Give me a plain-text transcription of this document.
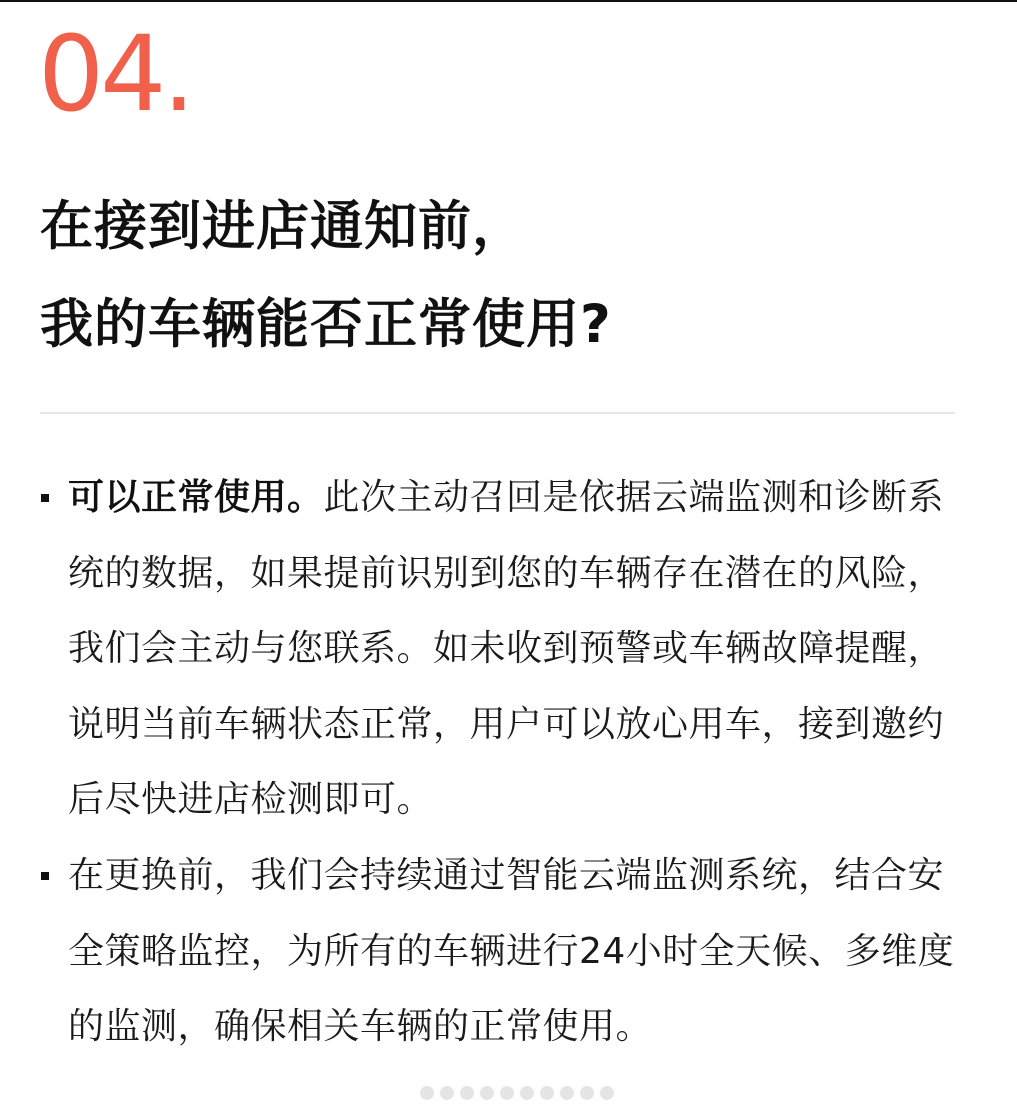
04.
在接到进店通知前，
我的车辆能否正常使用?
可以正常使用。此次主动召回是依据云端监测和诊断系统的数据，如果提前识别到您的车辆存在潜在的风险，我们会主动与您联系。如未收到预警或车辆故障提醒，说明当前车辆状态正常，用户可以放心用车，接到邀约后尽快进店检测即可。
在更换前，我们会持续通过智能云端监测系统，结合安全策略监控，为所有的车辆进行24小时全天候、多维度的监测，确保相关车辆的正常使用。
